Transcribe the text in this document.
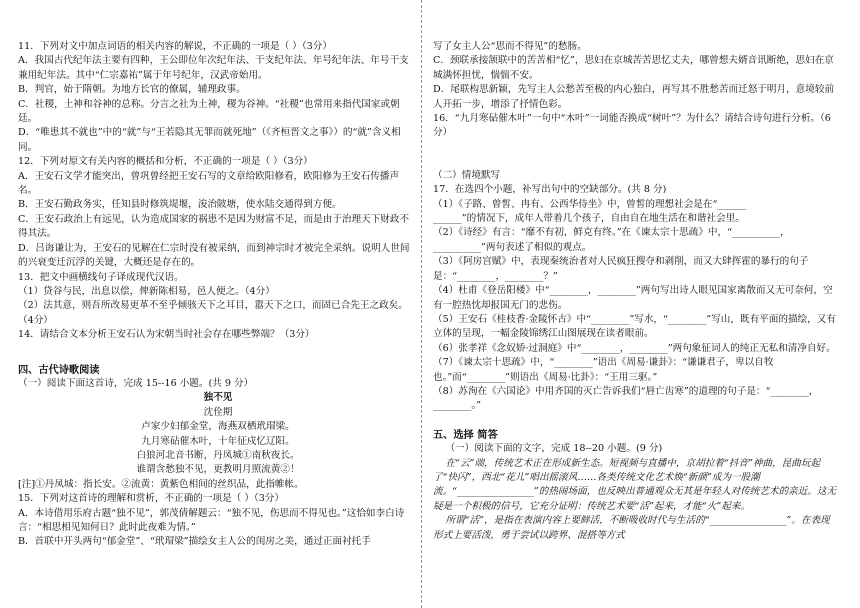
11．下列对文中加点词语的相关内容的解说，不正确的一项是（ ）（3分）

A．我国古代纪年法主要有四种，王公即位年次纪年法、干支纪年法、年号纪年法、年号干支兼用纪年法。其中“仁宗嘉祐”属于年号纪年，汉武帝始用。

B．判官，始于隋朝。为地方长官的僚属，辅理政事。

C．社稷，土神和谷神的总称。分言之社为土神，稷为谷神。“社稷”也常用来指代国家或朝廷。

D．“唯患其不就也”中的“就”与“王若隐其无罪而就死地”（《齐桓晋文之事》）的“就”含义相同。

12．下列对原文有关内容的概括和分析，不正确的一项是（ ）（3分）

A．王安石文学才能突出，曾巩曾经把王安石写的文章给欧阳修看，欧阳修为王安石传播声名。

B．王安石勤政务实，任知县时修筑堤堰，浚治陂塘，使水陆交通得到方便。

C．王安石政治上有远见，认为造成国家的祸患不是因为财富不足，而是由于治理天下财政不得其法。

D．吕诲谦让为，王安石的见解在仁宗时没有被采纳，而到神宗时才被完全采纳。说明人世间的兴衰变迁沉浮的关键，大概还是存在的。

13．把文中画横线句子译成现代汉语。

（1）贷谷与民，出息以偿，俾新陈相易，邑人便之。（4分）

（2）法其意，则吾所改易更革不至乎倾骇天下之耳目，嚣天下之口，而固已合先王之政矣。（4分）

14．请结合文本分析王安石认为宋朝当时社会存在哪些弊端？（3分）

四、古代诗歌阅读

（一）阅读下面这首诗，完成 15--16 小题。(共 9 分）

独不见

沈佺期

卢家少妇郁金堂，海燕双栖玳瑁梁。

九月寒砧催木叶，十年征戍忆辽阳。

白狼河北音书断，丹凤城①南秋夜长。

谁谓含愁独不见，更教明月照流黄②！

[注]①丹凤城：指长安。②流黄：黄紫色相间的丝织品，此指帷帐。

15．下列对这首诗的理解和赏析，不正确的一项是（ ）（3分）

A．本诗借用乐府古题“独不见”，郭茂倩解题云：“独不见，伤思而不得见也。”这恰如李白诗言：“相思相见知何日？此时此夜难为情。”

B．首联中开头两句“郁金堂”、“玳瑁梁”描绘女主人公的闺房之美，通过正面衬托手

写了女主人公“思而不得见”的愁肠。

C．颈联承接颔联中的苦苦相“忆”，思妇在京城苦苦思忆丈夫，哪曾想夫婿音讯断绝，思妇在京城满怀担忧，惴惴不安。

D．尾联构思新颖，先写主人公愁苦至极的内心独白，再写其不胜愁苦而迁怒于明月，意境较前人开拓一步，增添了抒情色彩。

16．“九月寒砧催木叶”一句中“木叶”一词能否换成“树叶”？为什么？请结合诗句进行分析。（6分）

（二）情境默写

17．在选四个小题，补写出句中的空缺部分。(共 8 分)

（1）《子路、曾皙、冉有、公西华侍坐》中，曾皙的理想社会是在“______

______”的情况下，成年人带着几个孩子，自由自在地生活在和谐社会里。

（2）《诗经》有言：“靡不有初，鲜克有终。”在《谏太宗十思疏》中，“__________，

__________”两句表述了相似的观点。

（3）《阿房宫赋》中，表现秦统治者对人民疯狂搜夺和剥削，而又大肆挥霍的暴行的句子是：“________，________？”

（4）杜甫《登岳阳楼》中“________，________”两句写出诗人眼见国家离散而又无可奈何，空有一腔热忱却报国无门的悲伤。

（5）王安石《桂枝香·金陵怀古》中“________”写水，“________”写山，既有平面的描绘，又有立体的呈现，一幅金陵锦绣江山图展现在读者眼前。

（6）张孝祥《念奴娇·过洞庭》中“________，________”两句象征词人的纯正无私和清净自好。

（7）《谏太宗十思疏》中，“________”语出《周易·谦卦》：“谦谦君子，卑以自牧也。”而“________”则语出《周易·比卦》：“王用三驱。”

（8）苏洵在《六国论》中用齐国的灭亡告诉我们“唇亡齿寒”的道理的句子是：“________，________。”

五、选择 简答

（一）阅读下面的文字，完成 18--20 小题。(9 分)

在“云”端，传统艺术正在形成新生态。短视频与直播中，京胡拉着“抖音”神曲，昆曲玩起了“快闪”，西北“花儿”唱出摇滚风……各类传统文化艺术焕“新颜”成为一股潮流。“________________”的热闹场面，也反映出普通观众无其是年轻人对传统艺术的亲近。这无疑是一个积极的信号，它充分证明：传统艺术要“活”起来，才能“火”起来。

所谓“活”，是指在表演内容上要鲜活，不断吸收时代与生活的“________________”。在表现形式上要活泼，勇于尝试以跨界、混搭等方式
